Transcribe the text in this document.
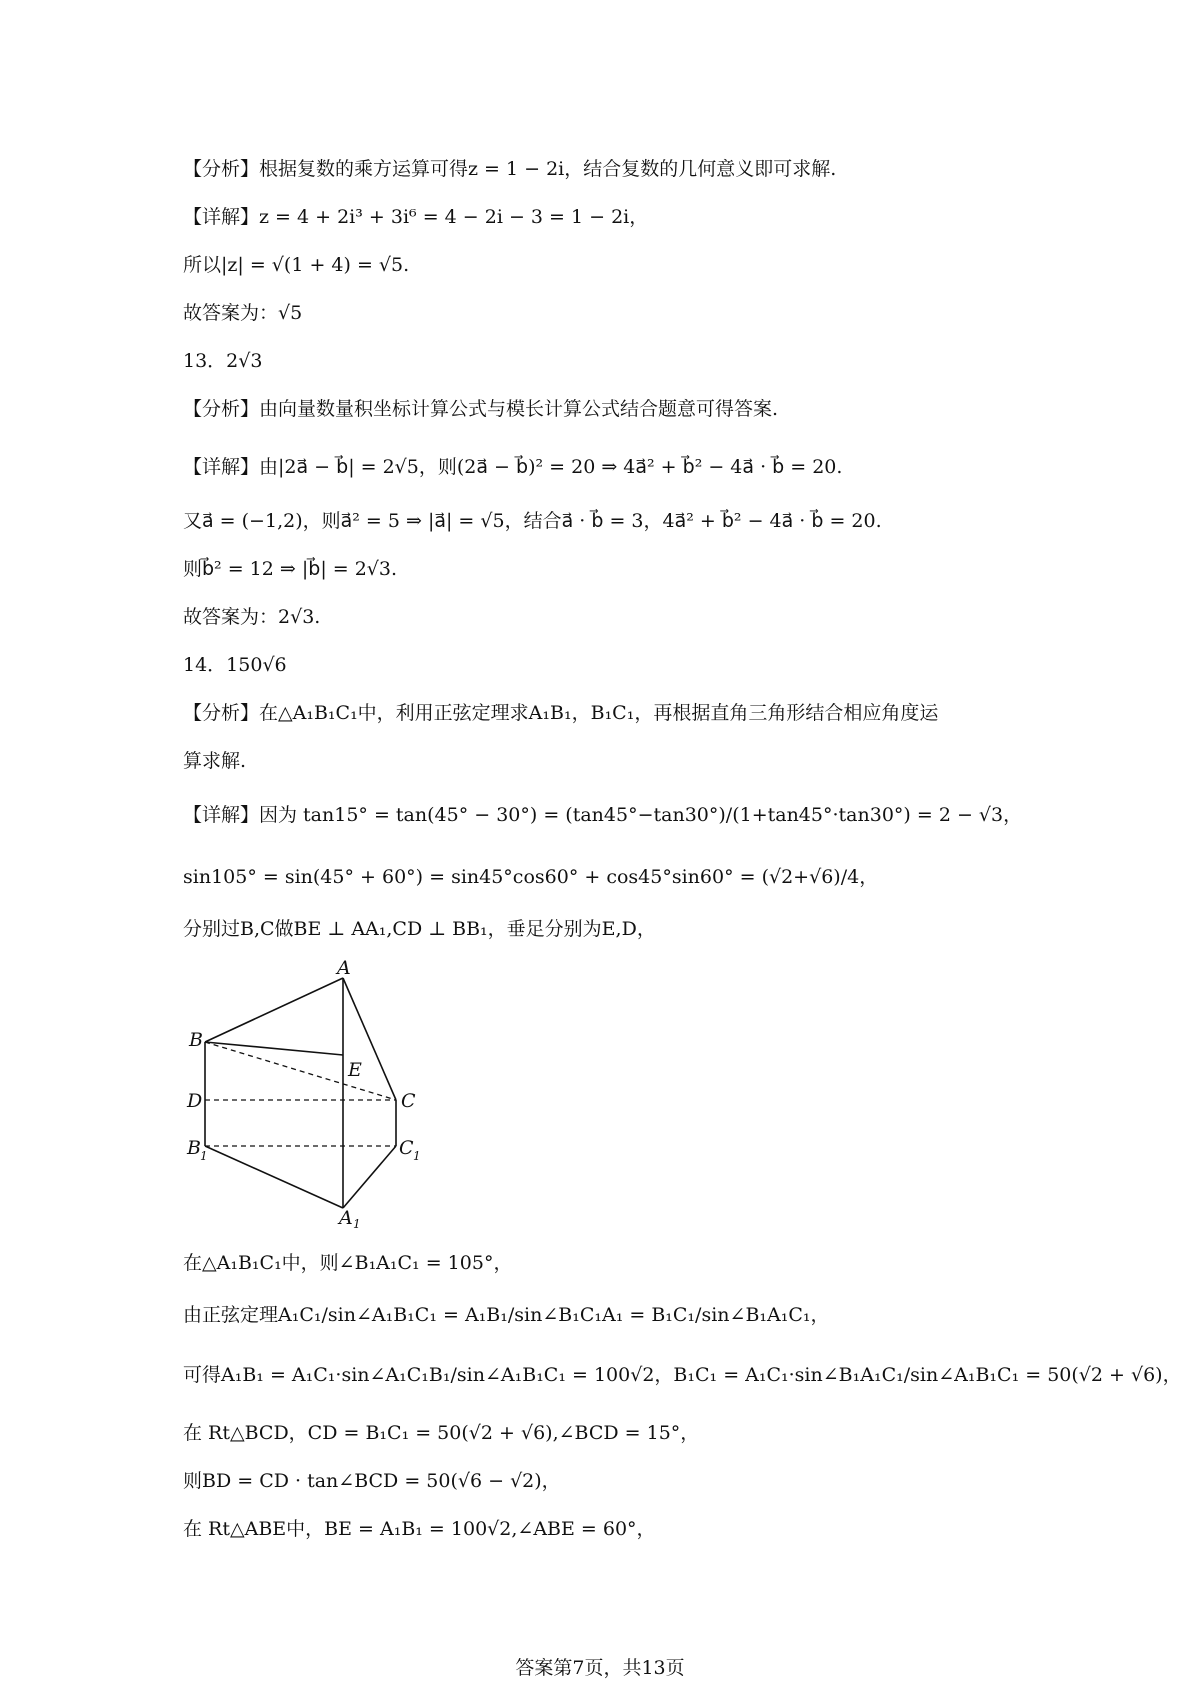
【分析】根据复数的乘方运算可得z = 1 − 2i，结合复数的几何意义即可求解.
【详解】z = 4 + 2i³ + 3i⁶ = 4 − 2i − 3 = 1 − 2i，
所以|z| = √(1 + 4) = √5.
故答案为：√5
13．2√3
【分析】由向量数量积坐标计算公式与模长计算公式结合题意可得答案.
【详解】由|2a⃗ − b⃗| = 2√5，则(2a⃗ − b⃗)² = 20 ⇒ 4a⃗² + b⃗² − 4a⃗ · b⃗ = 20.
又a⃗ = (−1,2)，则a⃗² = 5 ⇒ |a⃗| = √5，结合a⃗ · b⃗ = 3，4a⃗² + b⃗² − 4a⃗ · b⃗ = 20.
则b⃗² = 12 ⇒ |b⃗| = 2√3.
故答案为：2√3.
14．150√6
【分析】在△A₁B₁C₁中，利用正弦定理求A₁B₁，B₁C₁，再根据直角三角形结合相应角度运
算求解.
【详解】因为 tan15° = tan(45° − 30°) = (tan45°−tan30°)/(1+tan45°·tan30°) = 2 − √3，
sin105° = sin(45° + 60°) = sin45°cos60° + cos45°sin60° = (√2+√6)/4，
分别过B,C做BE ⊥ AA₁,CD ⊥ BB₁，垂足分别为E,D，
A
B
E
D	C
B 1	C 1
A 1
在△A₁B₁C₁中，则∠B₁A₁C₁ = 105°，
由正弦定理A₁C₁/sin∠A₁B₁C₁ = A₁B₁/sin∠B₁C₁A₁ = B₁C₁/sin∠B₁A₁C₁，
可得A₁B₁ = A₁C₁·sin∠A₁C₁B₁/sin∠A₁B₁C₁ = 100√2，B₁C₁ = A₁C₁·sin∠B₁A₁C₁/sin∠A₁B₁C₁ = 50(√2 + √6)，
在 Rt△BCD，CD = B₁C₁ = 50(√2 + √6),∠BCD = 15°，
则BD = CD · tan∠BCD = 50(√6 − √2)，
在 Rt△ABE中，BE = A₁B₁ = 100√2,∠ABE = 60°，
答案第7页，共13页
